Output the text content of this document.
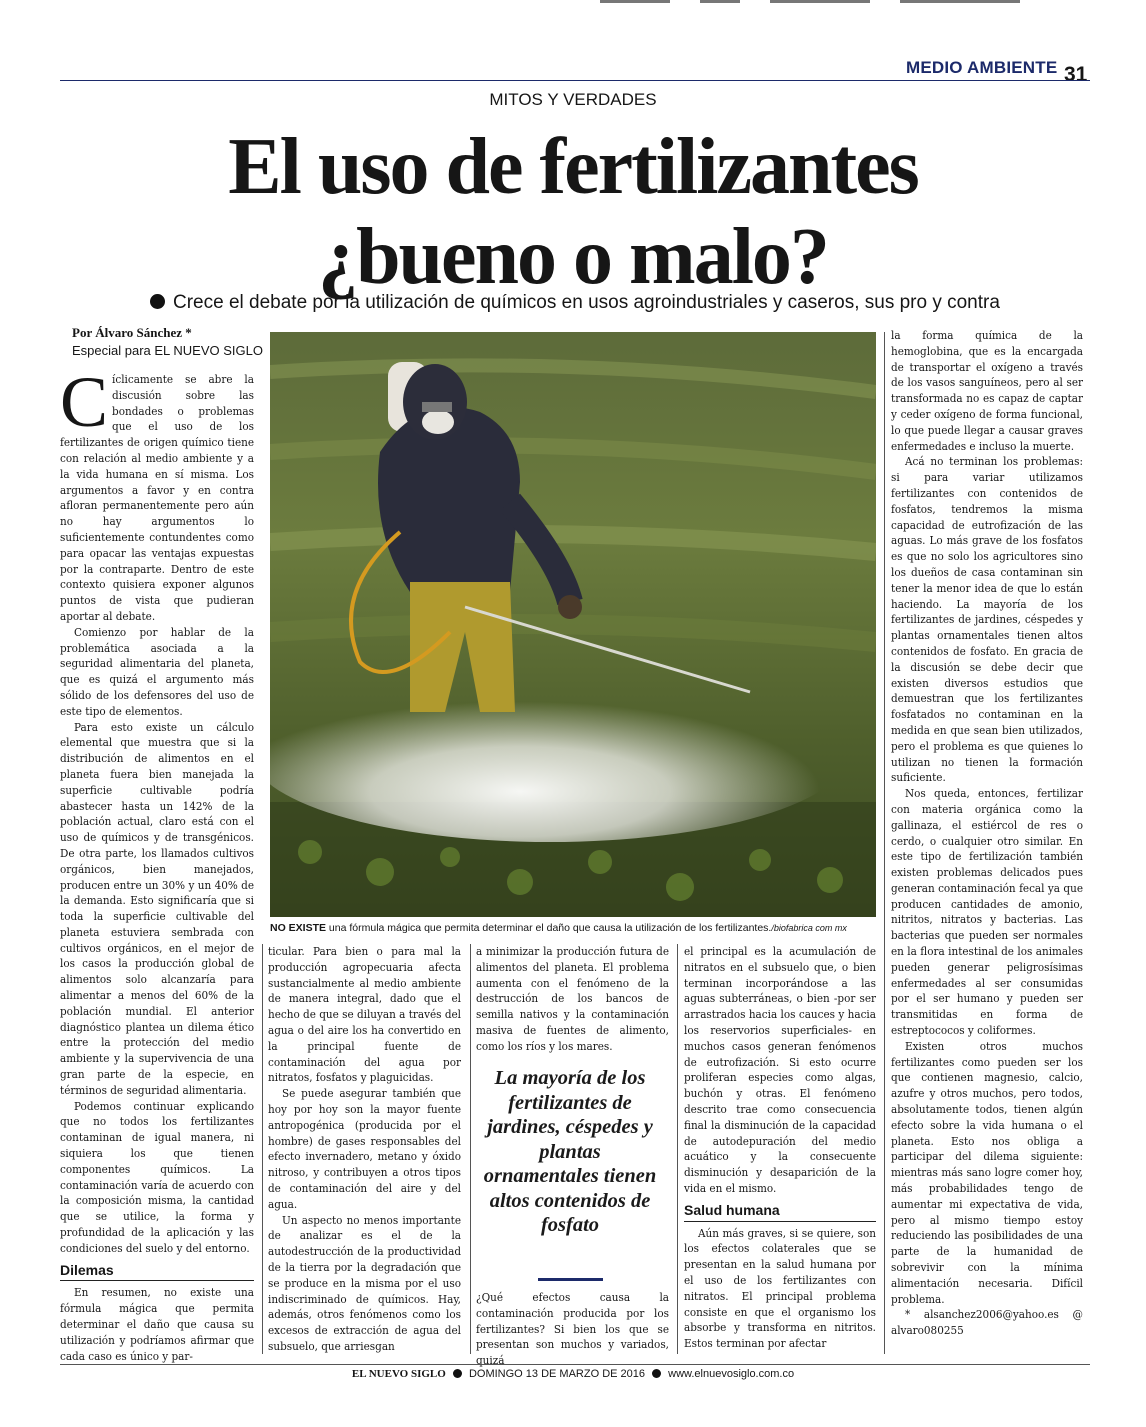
MEDIO AMBIENTE 31
MITOS Y VERDADES
El uso de fertilizantes
¿bueno o malo?
Crece el debate por la utilización de químicos en usos agroindustriales y caseros, sus pro y contra
Por Álvaro Sánchez *
Especial para EL NUEVO SIGLO

Cíclicamente se abre la discusión sobre las bondades o problemas que el uso de los fertilizantes de origen químico tiene con relación al medio ambiente y a la vida humana en sí misma. Los argumentos a favor y en contra afloran permanentemente pero aún no hay argumentos lo suficientemente contundentes como para opacar las ventajas expuestas por la contraparte. Dentro de este contexto quisiera exponer algunos puntos de vista que pudieran aportar al debate.

Comienzo por hablar de la problemática asociada a la seguridad alimentaria del planeta, que es quizá el argumento más sólido de los defensores del uso de este tipo de elementos.

Para esto existe un cálculo elemental que muestra que si la distribución de alimentos en el planeta fuera bien manejada la superficie cultivable podría abastecer hasta un 142% de la población actual, claro está con el uso de químicos y de transgénicos. De otra parte, los llamados cultivos orgánicos, bien manejados, producen entre un 30% y un 40% de la demanda. Esto significaría que si toda la superficie cultivable del planeta estuviera sembrada con cultivos orgánicos, en el mejor de los casos la producción global de alimentos solo alcanzaría para alimentar a menos del 60% de la población mundial. El anterior diagnóstico plantea un dilema ético entre la protección del medio ambiente y la supervivencia de una gran parte de la especie, en términos de seguridad alimentaria.

Podemos continuar explicando que no todos los fertilizantes contaminan de igual manera, ni siquiera los que tienen componentes químicos. La contaminación varía de acuerdo con la composición misma, la cantidad que se utilice, la forma y profundidad de la aplicación y las condiciones del suelo y del entorno.

Dilemas

En resumen, no existe una fórmula mágica que permita determinar el daño que causa su utilización y podríamos afirmar que cada caso es único y par-

NO EXISTE una fórmula mágica que permita determinar el daño que causa la utilización de los fertilizantes./biofabrica com mx

ticular. Para bien o para mal la producción agropecuaria afecta sustancialmente al medio ambiente de manera integral, dado que el hecho de que se diluyan a través del agua o del aire los ha convertido en la principal fuente de contaminación del agua por nitratos, fosfatos y plaguicidas.

Se puede asegurar también que hoy por hoy son la mayor fuente antropogénica (producida por el hombre) de gases responsables del efecto invernadero, metano y óxido nitroso, y contribuyen a otros tipos de contaminación del aire y del agua.

Un aspecto no menos importante de analizar es el de la autodestrucción de la productividad de la tierra por la degradación que se produce en la misma por el uso indiscriminado de químicos. Hay, además, otros fenómenos como los excesos de extracción de agua del subsuelo, que arriesgan

a minimizar la producción futura de alimentos del planeta. El problema aumenta con el fenómeno de la destrucción de los bancos de semilla nativos y la contaminación masiva de fuentes de alimento, como los ríos y los mares.

La mayoría de los fertilizantes de jardines, céspedes y plantas ornamentales tienen altos contenidos de fosfato

¿Qué efectos causa la contaminación producida por los fertilizantes? Si bien los que se presentan son muchos y variados, quizá

el principal es la acumulación de nitratos en el subsuelo que, o bien terminan incorporándose a las aguas subterráneas, o bien -por ser arrastrados hacia los cauces y hacia los reservorios superficiales- en muchos casos generan fenómenos de eutrofización. Si esto ocurre proliferan especies como algas, buchón y otras. El fenómeno descrito trae como consecuencia final la disminución de la capacidad de autodepuración del medio acuático y la consecuente disminución y desaparición de la vida en el mismo.

Salud humana

Aún más graves, si se quiere, son los efectos colaterales que se presentan en la salud humana por el uso de los fertilizantes con nitratos. El principal problema consiste en que el organismo los absorbe y transforma en nitritos. Estos terminan por afectar

la forma química de la hemoglobina, que es la encargada de transportar el oxígeno a través de los vasos sanguíneos, pero al ser transformada no es capaz de captar y ceder oxígeno de forma funcional, lo que puede llegar a causar graves enfermedades e incluso la muerte.

Acá no terminan los problemas: si para variar utilizamos fertilizantes con contenidos de fosfatos, tendremos la misma capacidad de eutrofización de las aguas. Lo más grave de los fosfatos es que no solo los agricultores sino los dueños de casa contaminan sin tener la menor idea de que lo están haciendo. La mayoría de los fertilizantes de jardines, céspedes y plantas ornamentales tienen altos contenidos de fosfato. En gracia de la discusión se debe decir que existen diversos estudios que demuestran que los fertilizantes fosfatados no contaminan en la medida en que sean bien utilizados, pero el problema es que quienes lo utilizan no tienen la formación suficiente.

Nos queda, entonces, fertilizar con materia orgánica como la gallinaza, el estiércol de res o cerdo, o cualquier otro similar. En este tipo de fertilización también existen problemas delicados pues generan contaminación fecal ya que producen cantidades de amonio, nitritos, nitratos y bacterias. Las bacterias que pueden ser normales en la flora intestinal de los animales pueden generar peligrosísimas enfermedades al ser consumidas por el ser humano y pueden ser transmitidas en forma de estreptococos y coliformes.

Existen otros muchos fertilizantes como pueden ser los que contienen magnesio, calcio, azufre y otros muchos, pero todos, absolutamente todos, tienen algún efecto sobre la vida humana o el planeta. Esto nos obliga a participar del dilema siguiente: mientras más sano logre comer hoy, más probabilidades tengo de aumentar mi expectativa de vida, pero al mismo tiempo estoy reduciendo las posibilidades de una parte de la humanidad de sobrevivir con la mínima alimentación necesaria. Difícil problema.

* alsanchez2006@yahoo.es @ alvaro080255

EL NUEVO SIGLO DOMINGO 13 DE MARZO DE 2016 www.elnuevosiglo.com.co
